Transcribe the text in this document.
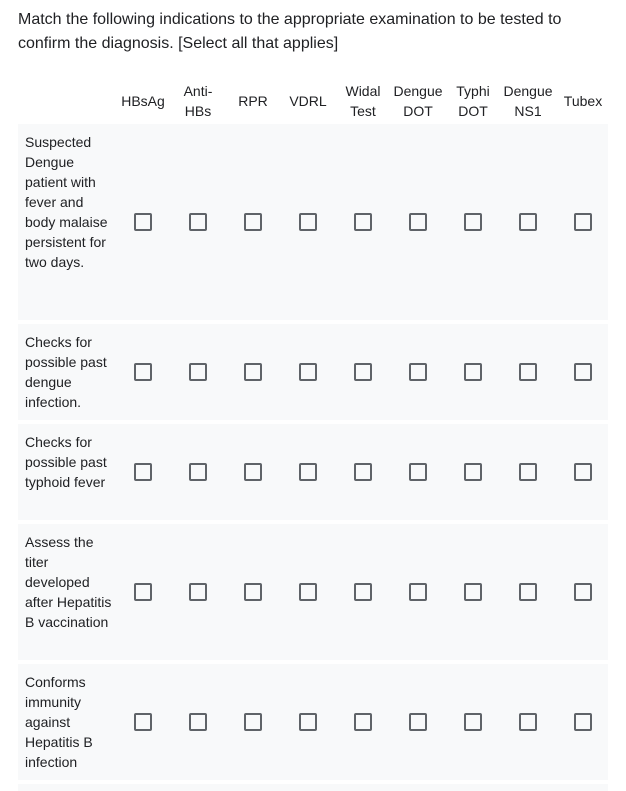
Match the following indications to the appropriate examination to be tested to confirm the diagnosis. [Select all that applies]
HBsAg
Anti-
HBs
RPR	VDRL
Widal
Test
Dengue
DOT
Typhi
DOT
Dengue
NS1
Tubex
Suspected Dengue patient with fever and body malaise persistent for two days.
Checks for possible past dengue infection.
Checks for possible past typhoid fever
Assess the titer developed after Hepatitis B vaccination
Conforms immunity against Hepatitis B infection
